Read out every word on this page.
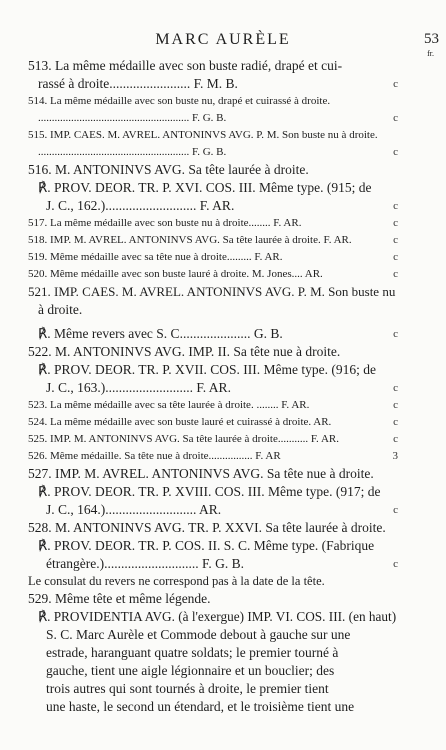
MARC AURÈLE	53
fr.
513. La même médaille avec son buste radié, drapé et cui-
rassé à droite........................ F. M. B.	c
514. La même médaille avec son buste nu, drapé et cuirassé à droite.
....................................................... F. G. B.	c
515. IMP. CAES. M. AVREL. ANTONINVS AVG. P. M. Son buste nu à droite.
....................................................... F. G. B.	c
516. M. ANTONINVS AVG. Sa tête laurée à droite.
℟. PROV. DEOR. TR. P. XVI. COS. III. Même type. (915; de
J. C., 162.)........................... F. AR.	c
517. La même médaille avec son buste nu à droite........ F. AR.	c
518. IMP. M. AVREL. ANTONINVS AVG. Sa tête laurée à droite. F. AR.	c
519. Même médaille avec sa tête nue à droite......... F. AR.	c
520. Même médaille avec son buste lauré à droite. M. Jones.... AR.	c
521. IMP. CAES. M. AVREL. ANTONINVS AVG. P. M. Son buste nu
à droite.
℟. Même revers avec S. C..................... G. B.	c
522. M. ANTONINVS AVG. IMP. II. Sa tête nue à droite.
℟. PROV. DEOR. TR. P. XVII. COS. III. Même type. (916; de
J. C., 163.).......................... F. AR.	c
523. La même médaille avec sa tête laurée à droite. ........ F. AR.	c
524. La même médaille avec son buste lauré et cuirassé à droite. AR.	c
525. IMP. M. ANTONINVS AVG. Sa tête laurée à droite........... F. AR.	c
526. Même médaille. Sa tête nue à droite................ F. AR	3
527. IMP. M. AVREL. ANTONINVS AVG. Sa tête nue à droite.
℟. PROV. DEOR. TR. P. XVIII. COS. III. Même type. (917; de
J. C., 164.)........................... AR.	c
528. M. ANTONINVS AVG. TR. P. XXVI. Sa tête laurée à droite.
℟. PROV. DEOR. TR. P. COS. II. S. C. Même type. (Fabrique
étrangère.)............................ F. G. B.	c
Le consulat du revers ne correspond pas à la date de la tête.
529. Même tête et même légende.
℟. PROVIDENTIA AVG. (à l'exergue) IMP. VI. COS. III. (en haut)
S. C. Marc Aurèle et Commode debout à gauche sur une
estrade, haranguant quatre soldats; le premier tourné à
gauche, tient une aigle légionnaire et un bouclier; des
trois autres qui sont tournés à droite, le premier tient
une haste, le second un étendard, et le troisième tient une
